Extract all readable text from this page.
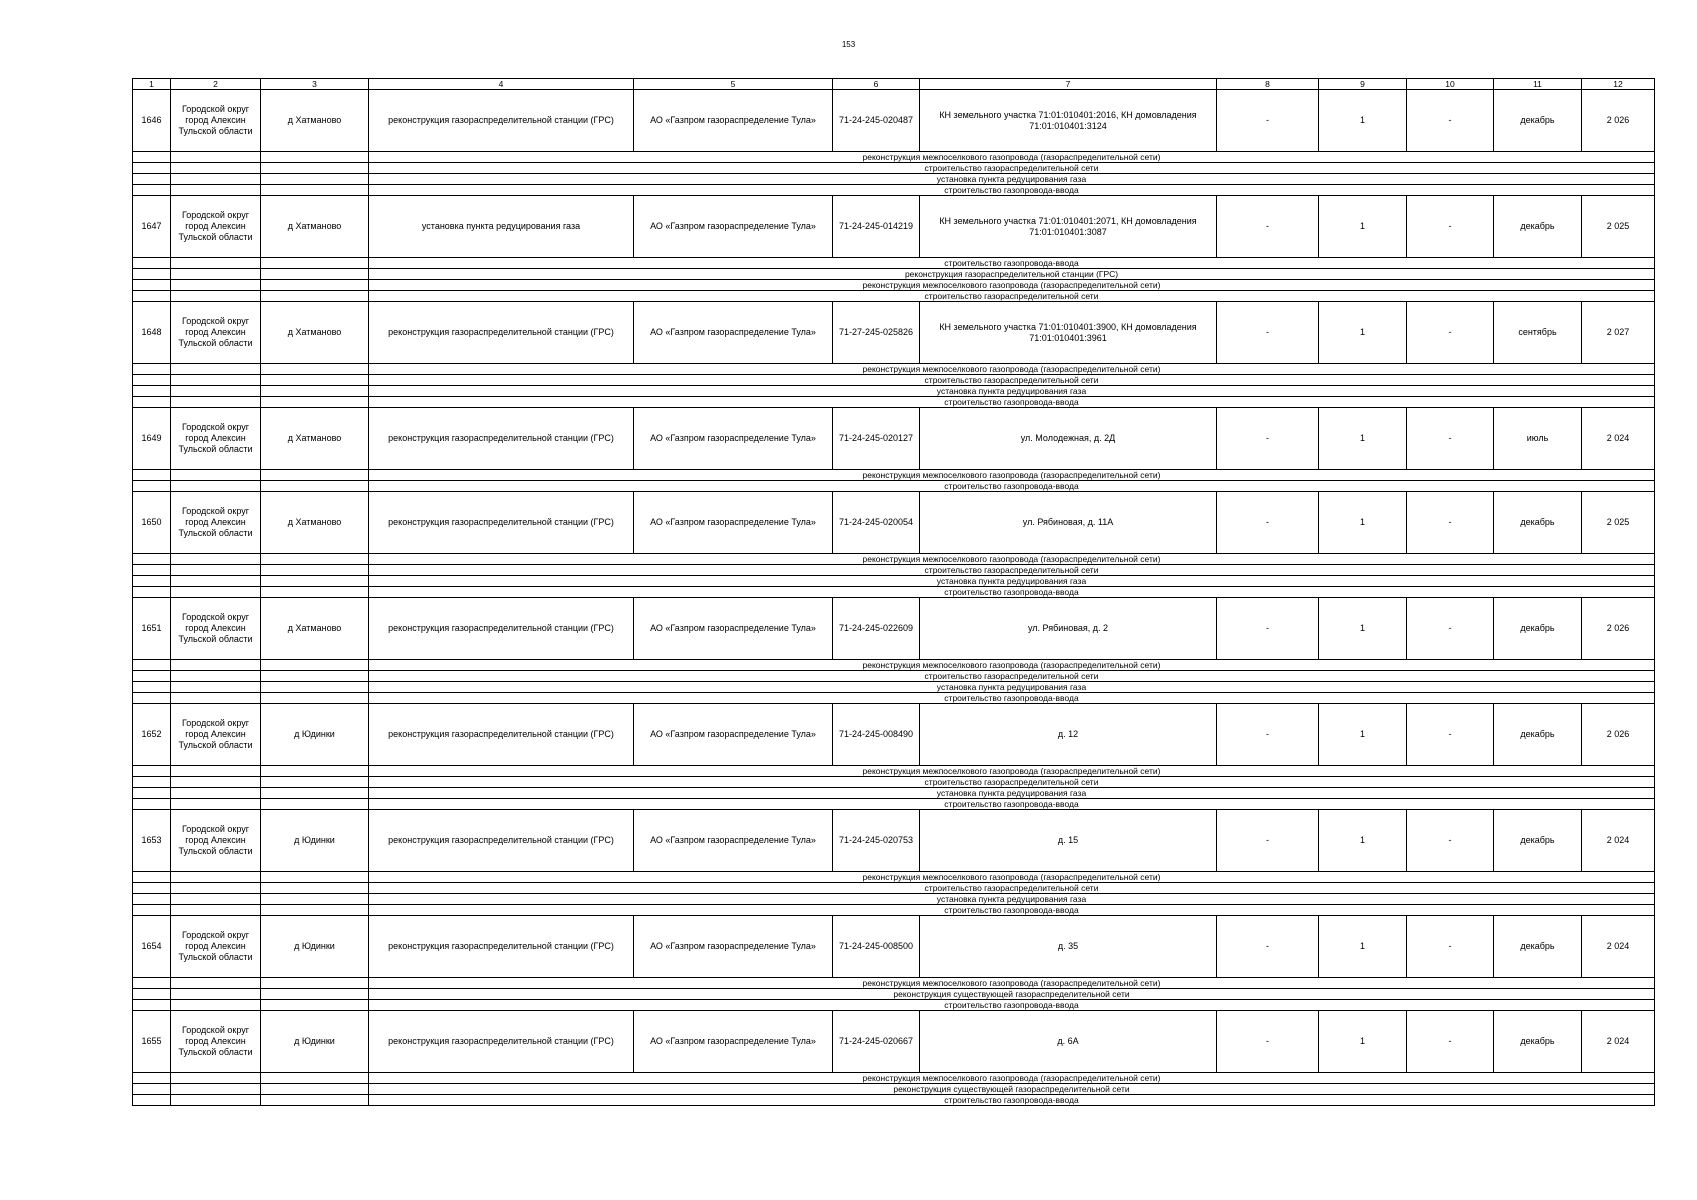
153
1	2	3	4	5	6	7	8	9	10	11	12
1646	Городской округ город Алексин Тульской области	д Хатманово	реконструкция газораспределительной станции (ГРС)	АО «Газпром газораспределение Тула»	71-24-245-020487	КН земельного участка 71:01:010401:2016, КН домовладения 71:01:010401:3124	-	1	-	декабрь	2 026
			реконструкция межпоселкового газопровода (газораспределительной сети)								
			строительство газораспределительной сети								
			установка пункта редуцирования газа								
			строительство газопровода-ввода								
1647	Городской округ город Алексин Тульской области	д Хатманово	установка пункта редуцирования газа	АО «Газпром газораспределение Тула»	71-24-245-014219	КН земельного участка 71:01:010401:2071, КН домовладения 71:01:010401:3087	-	1	-	декабрь	2 025
			строительство газопровода-ввода								
			реконструкция газораспределительной станции (ГРС)								
			реконструкция межпоселкового газопровода (газораспределительной сети)								
			строительство газораспределительной сети								
1648	Городской округ город Алексин Тульской области	д Хатманово	реконструкция газораспределительной станции (ГРС)	АО «Газпром газораспределение Тула»	71-27-245-025826	КН земельного участка 71:01:010401:3900, КН домовладения 71:01:010401:3961	-	1	-	сентябрь	2 027
			реконструкция межпоселкового газопровода (газораспределительной сети)								
			строительство газораспределительной сети								
			установка пункта редуцирования газа								
			строительство газопровода-ввода								
1649	Городской округ город Алексин Тульской области	д Хатманово	реконструкция газораспределительной станции (ГРС)	АО «Газпром газораспределение Тула»	71-24-245-020127	ул. Молодежная, д. 2Д	-	1	-	июль	2 024
			реконструкция межпоселкового газопровода (газораспределительной сети)								
			строительство газопровода-ввода								
1650	Городской округ город Алексин Тульской области	д Хатманово	реконструкция газораспределительной станции (ГРС)	АО «Газпром газораспределение Тула»	71-24-245-020054	ул. Рябиновая, д. 11А	-	1	-	декабрь	2 025
			реконструкция межпоселкового газопровода (газораспределительной сети)								
			строительство газораспределительной сети								
			установка пункта редуцирования газа								
			строительство газопровода-ввода								
1651	Городской округ город Алексин Тульской области	д Хатманово	реконструкция газораспределительной станции (ГРС)	АО «Газпром газораспределение Тула»	71-24-245-022609	ул. Рябиновая, д. 2	-	1	-	декабрь	2 026
			реконструкция межпоселкового газопровода (газораспределительной сети)								
			строительство газораспределительной сети								
			установка пункта редуцирования газа								
			строительство газопровода-ввода								
1652	Городской округ город Алексин Тульской области	д Юдинки	реконструкция газораспределительной станции (ГРС)	АО «Газпром газораспределение Тула»	71-24-245-008490	д. 12	-	1	-	декабрь	2 026
			реконструкция межпоселкового газопровода (газораспределительной сети)								
			строительство газораспределительной сети								
			установка пункта редуцирования газа								
			строительство газопровода-ввода								
1653	Городской округ город Алексин Тульской области	д Юдинки	реконструкция газораспределительной станции (ГРС)	АО «Газпром газораспределение Тула»	71-24-245-020753	д. 15	-	1	-	декабрь	2 024
			реконструкция межпоселкового газопровода (газораспределительной сети)								
			строительство газораспределительной сети								
			установка пункта редуцирования газа								
			строительство газопровода-ввода								
1654	Городской округ город Алексин Тульской области	д Юдинки	реконструкция газораспределительной станции (ГРС)	АО «Газпром газораспределение Тула»	71-24-245-008500	д. 35	-	1	-	декабрь	2 024
			реконструкция межпоселкового газопровода (газораспределительной сети)								
			реконструкция существующей газораспределительной сети								
			строительство газопровода-ввода								
1655	Городской округ город Алексин Тульской области	д Юдинки	реконструкция газораспределительной станции (ГРС)	АО «Газпром газораспределение Тула»	71-24-245-020667	д. 6А	-	1	-	декабрь	2 024
			реконструкция межпоселкового газопровода (газораспределительной сети)								
			реконструкция существующей газораспределительной сети								
			строительство газопровода-ввода								
